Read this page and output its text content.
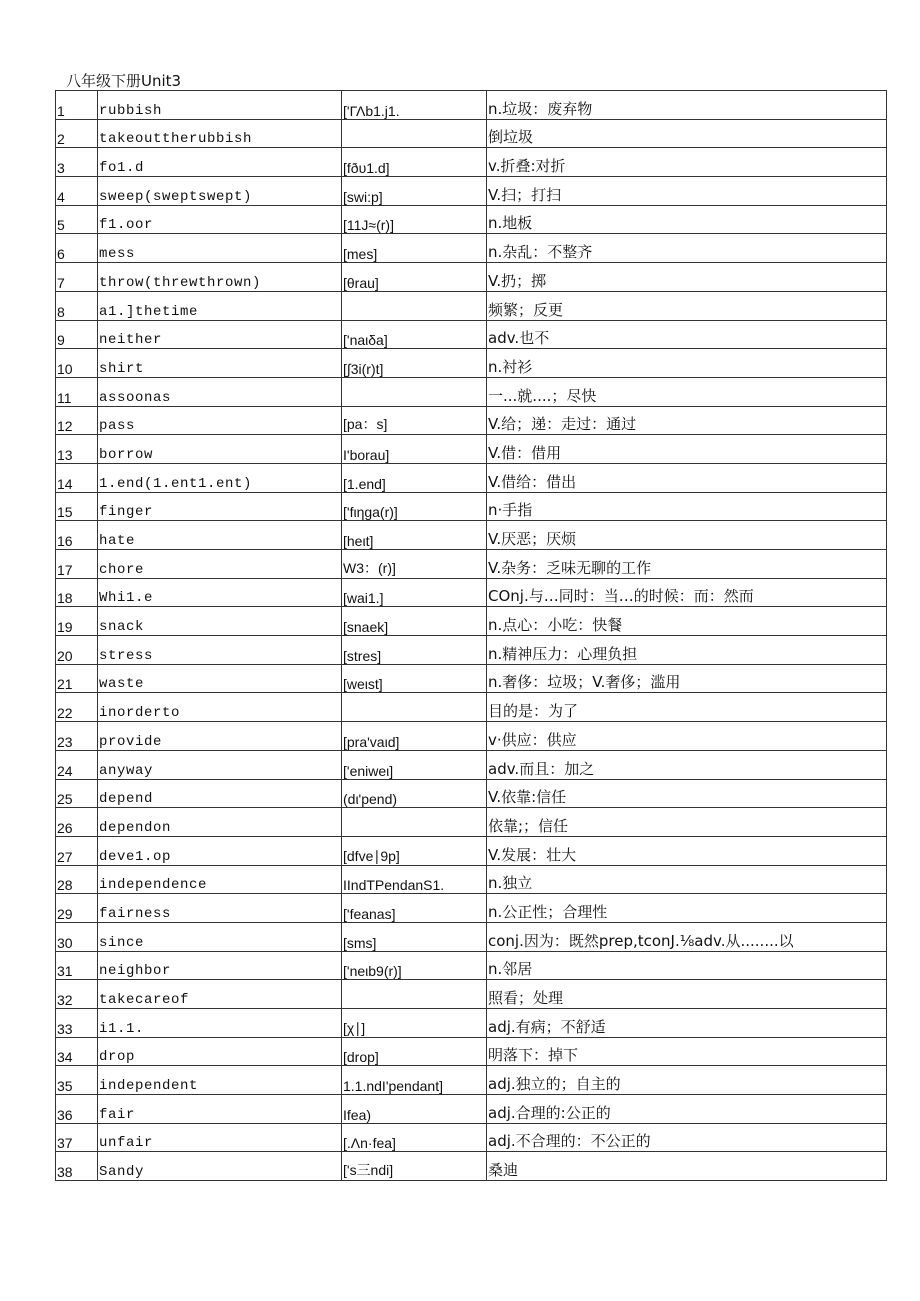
八年级下册Unit3
1	rubbish	['ΓΛb1.j1.	n.垃圾：废弃物
2	takeouttherubbish		倒垃圾
3	fo1.d	[fðυ1.d]	v.折叠:对折
4	sweep(sweptswept)	[swi:p]	V.扫；打扫
5	f1.oor	[11J≈(r)]	n.地板
6	mess	[mes]	n.杂乱：不整齐
7	throw(threwthrown)	[θrau]	V.扔；掷
8	a1.]thetime		频繁；反更
9	neither	['naιδa]	adv.也不
10	shirt	[∫3i(r)t]	n.衬衫
11	assoonas		一...就....；尽快
12	pass	[pa：s]	V.给；递：走过：通过
13	borrow	I'borau]	V.借：借用
14	1.end(1.ent1.ent)	[1.end]	V.借给：借出
15	finger	['fιηga(r)]	n·手指
16	hate	[heιt]	V.厌恶；厌烦
17	chore	W3：(r)]	V.杂务：乏味无聊的工作
18	Whi1.e	[wai1.]	COnj.与…同时：当…的时候：而：然而
19	snack	[snaek]	n.点心：小吃：快餐
20	stress	[stres]	n.精神压力：心理负担
21	waste	[weιst]	n.奢侈：垃圾；V.奢侈；滥用
22	inorderto		目的是：为了
23	provide	[pra'vaιd]	v·供应：供应
24	anyway	['eniweι]	adv.而且：加之
25	depend	(dι'pend)	V.依靠:信任
26	dependon		依靠;；信任
27	deve1.op	[dfve∣9p]	V.发展：壮大
28	independence	IIndTPendanS1.	n.独立
29	fairness	['feanas]	n.公正性；合理性
30	since	[sms]	conj.因为：既然prep,tconJ.⅛adv.从........以
31	neighbor	['neιb9(r)]	n.邻居
32	takecareof		照看；处理
33	i1.1.	[χ∣]	adj.有病；不舒适
34	drop	[drop]	明落下：掉下
35	independent	1.1.ndI'pendant]	adj.独立的；自主的
36	fair	Ifea)	adj.合理的:公正的
37	unfair	[.Λn·fea]	adj.不合理的：不公正的
38	Sandy	['s三ndi]	桑迪
